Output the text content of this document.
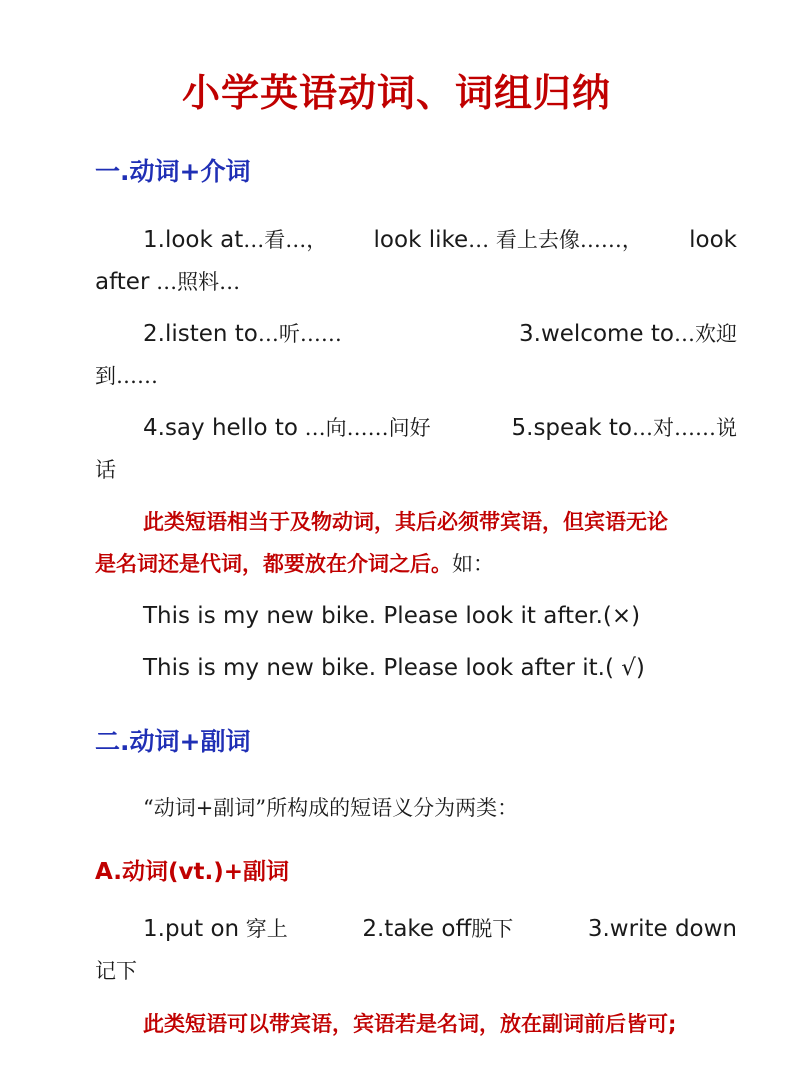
小学英语动词、词组归纳
一.动词+介词
1.look at…看…， look like… 看上去像……， look
after …照料…
2.listen to…听……	3.welcome to…欢迎
到……
4.say hello to …向……问好	5.speak to…对……说
话
此类短语相当于及物动词，其后必须带宾语，但宾语无论
是名词还是代词，都要放在介词之后。如：
This is my new bike. Please look it after.(×)
This is my new bike. Please look after it.( √)
二.动词+副词
“动词+副词”所构成的短语义分为两类：
A.动词(vt.)+副词
1.put on 穿上	2.take off脱下	3.write down
记下
此类短语可以带宾语，宾语若是名词，放在副词前后皆可;
